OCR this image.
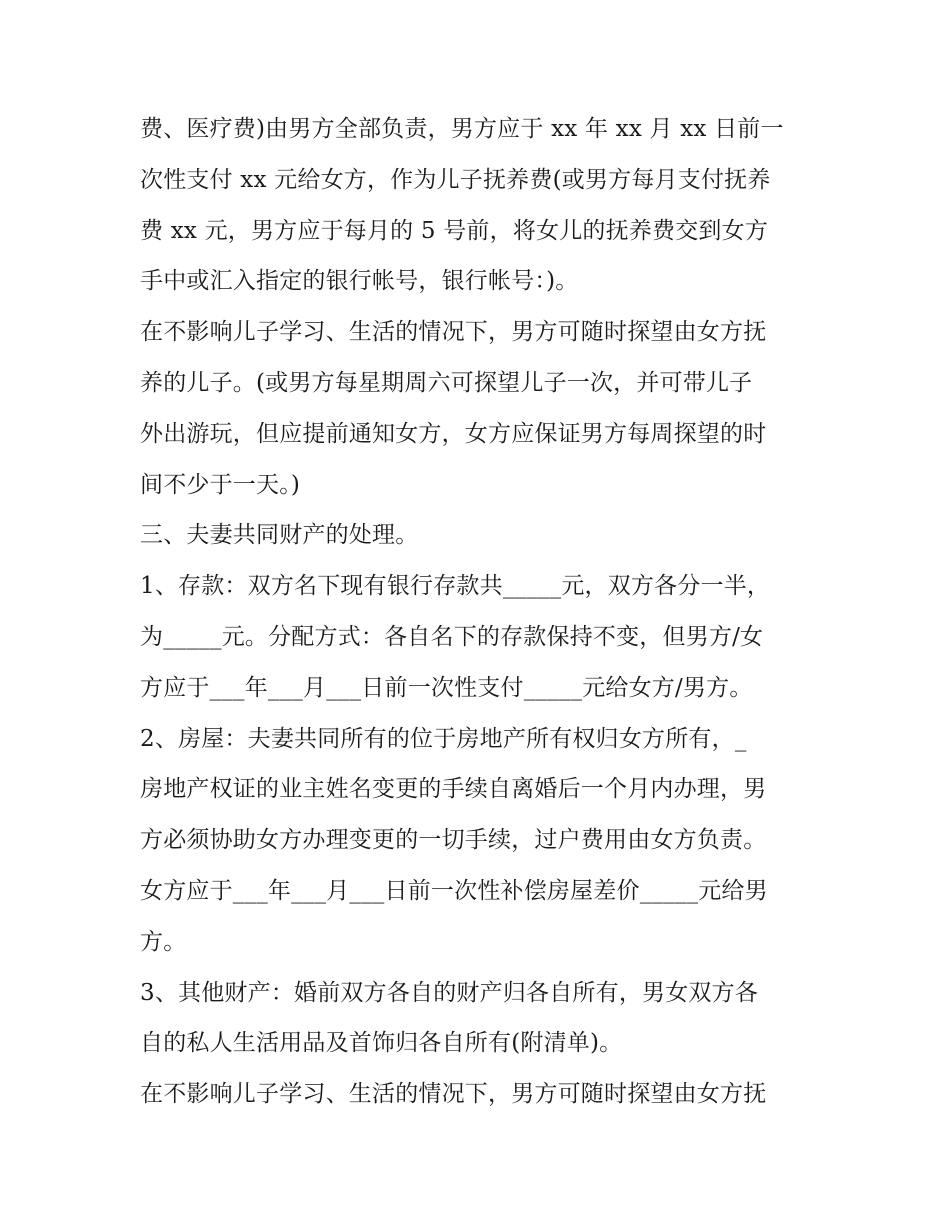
费、医疗费)由男方全部负责，男方应于 xx 年 xx 月 xx 日前一
次性支付 xx 元给女方，作为儿子抚养费(或男方每月支付抚养
费 xx 元，男方应于每月的 5 号前，将女儿的抚养费交到女方
手中或汇入指定的银行帐号，银行帐号：)。
在不影响儿子学习、生活的情况下，男方可随时探望由女方抚
养的儿子。(或男方每星期周六可探望儿子一次，并可带儿子
外出游玩，但应提前通知女方，女方应保证男方每周探望的时
间不少于一天。)
三、夫妻共同财产的处理。
1、存款：双方名下现有银行存款共_____元，双方各分一半，
为_____元。分配方式：各自名下的存款保持不变，但男方/女
方应于___年___月___日前一次性支付_____元给女方/男方。
2、房屋：夫妻共同所有的位于房地产所有权归女方所有，_
房地产权证的业主姓名变更的手续自离婚后一个月内办理，男
方必须协助女方办理变更的一切手续，过户费用由女方负责。
女方应于___年___月___日前一次性补偿房屋差价_____元给男
方。
3、其他财产：婚前双方各自的财产归各自所有，男女双方各
自的私人生活用品及首饰归各自所有(附清单)。
在不影响儿子学习、生活的情况下，男方可随时探望由女方抚
